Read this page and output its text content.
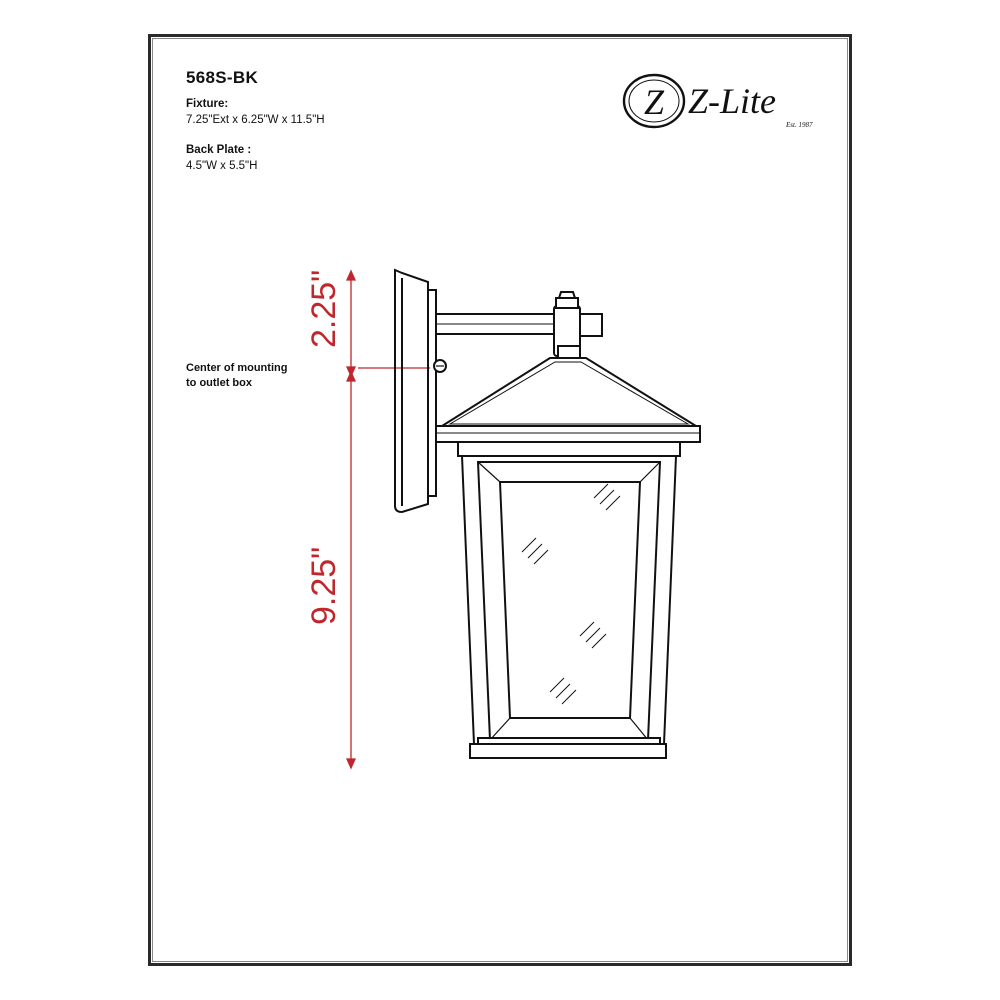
568S-BK
Fixture:
7.25"Ext x 6.25"W x 11.5"H
Back Plate :
4.5"W x 5.5"H
Center of mounting
to outlet box
Z Z-Lite
Est. 1987
2.25"
9.25"
